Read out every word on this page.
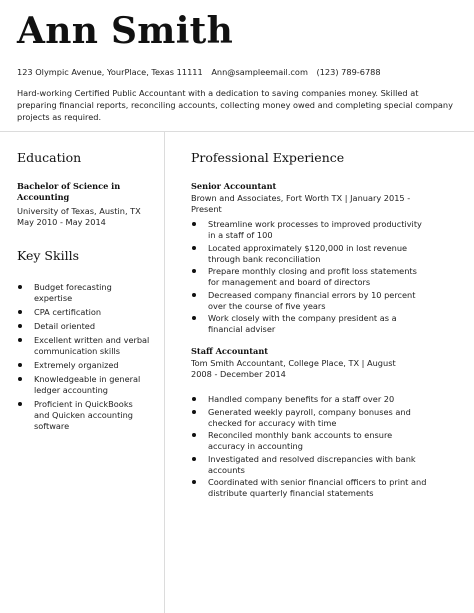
Ann Smith
123 Olympic Avenue, YourPlace, Texas 11111 Ann@sampleemail.com (123) 789-6788
Hard-working Certified Public Accountant with a dedication to saving companies money. Skilled at preparing financial reports, reconciling accounts, collecting money owed and completing special company projects as required.
Education
Bachelor of Science in Accounting
University of Texas, Austin, TX
May 2010 - May 2014
Key Skills
Budget forecasting expertise
CPA certification
Detail oriented
Excellent written and verbal communication skills
Extremely organized
Knowledgeable in general ledger accounting
Proficient in QuickBooks and Quicken accounting software
Professional Experience
Senior Accountant
Brown and Associates, Fort Worth TX | January 2015 - Present
Streamline work processes to improved productivity in a staff of 100
Located approximately $120,000 in lost revenue through bank reconciliation
Prepare monthly closing and profit loss statements for management and board of directors
Decreased company financial errors by 10 percent over the course of five years
Work closely with the company president as a financial adviser
Staff Accountant
Tom Smith Accountant, College Place, TX | August 2008 - December 2014
Handled company benefits for a staff over 20
Generated weekly payroll, company bonuses and checked for accuracy with time
Reconciled monthly bank accounts to ensure accuracy in accounting
Investigated and resolved discrepancies with bank accounts
Coordinated with senior financial officers to print and distribute quarterly financial statements
